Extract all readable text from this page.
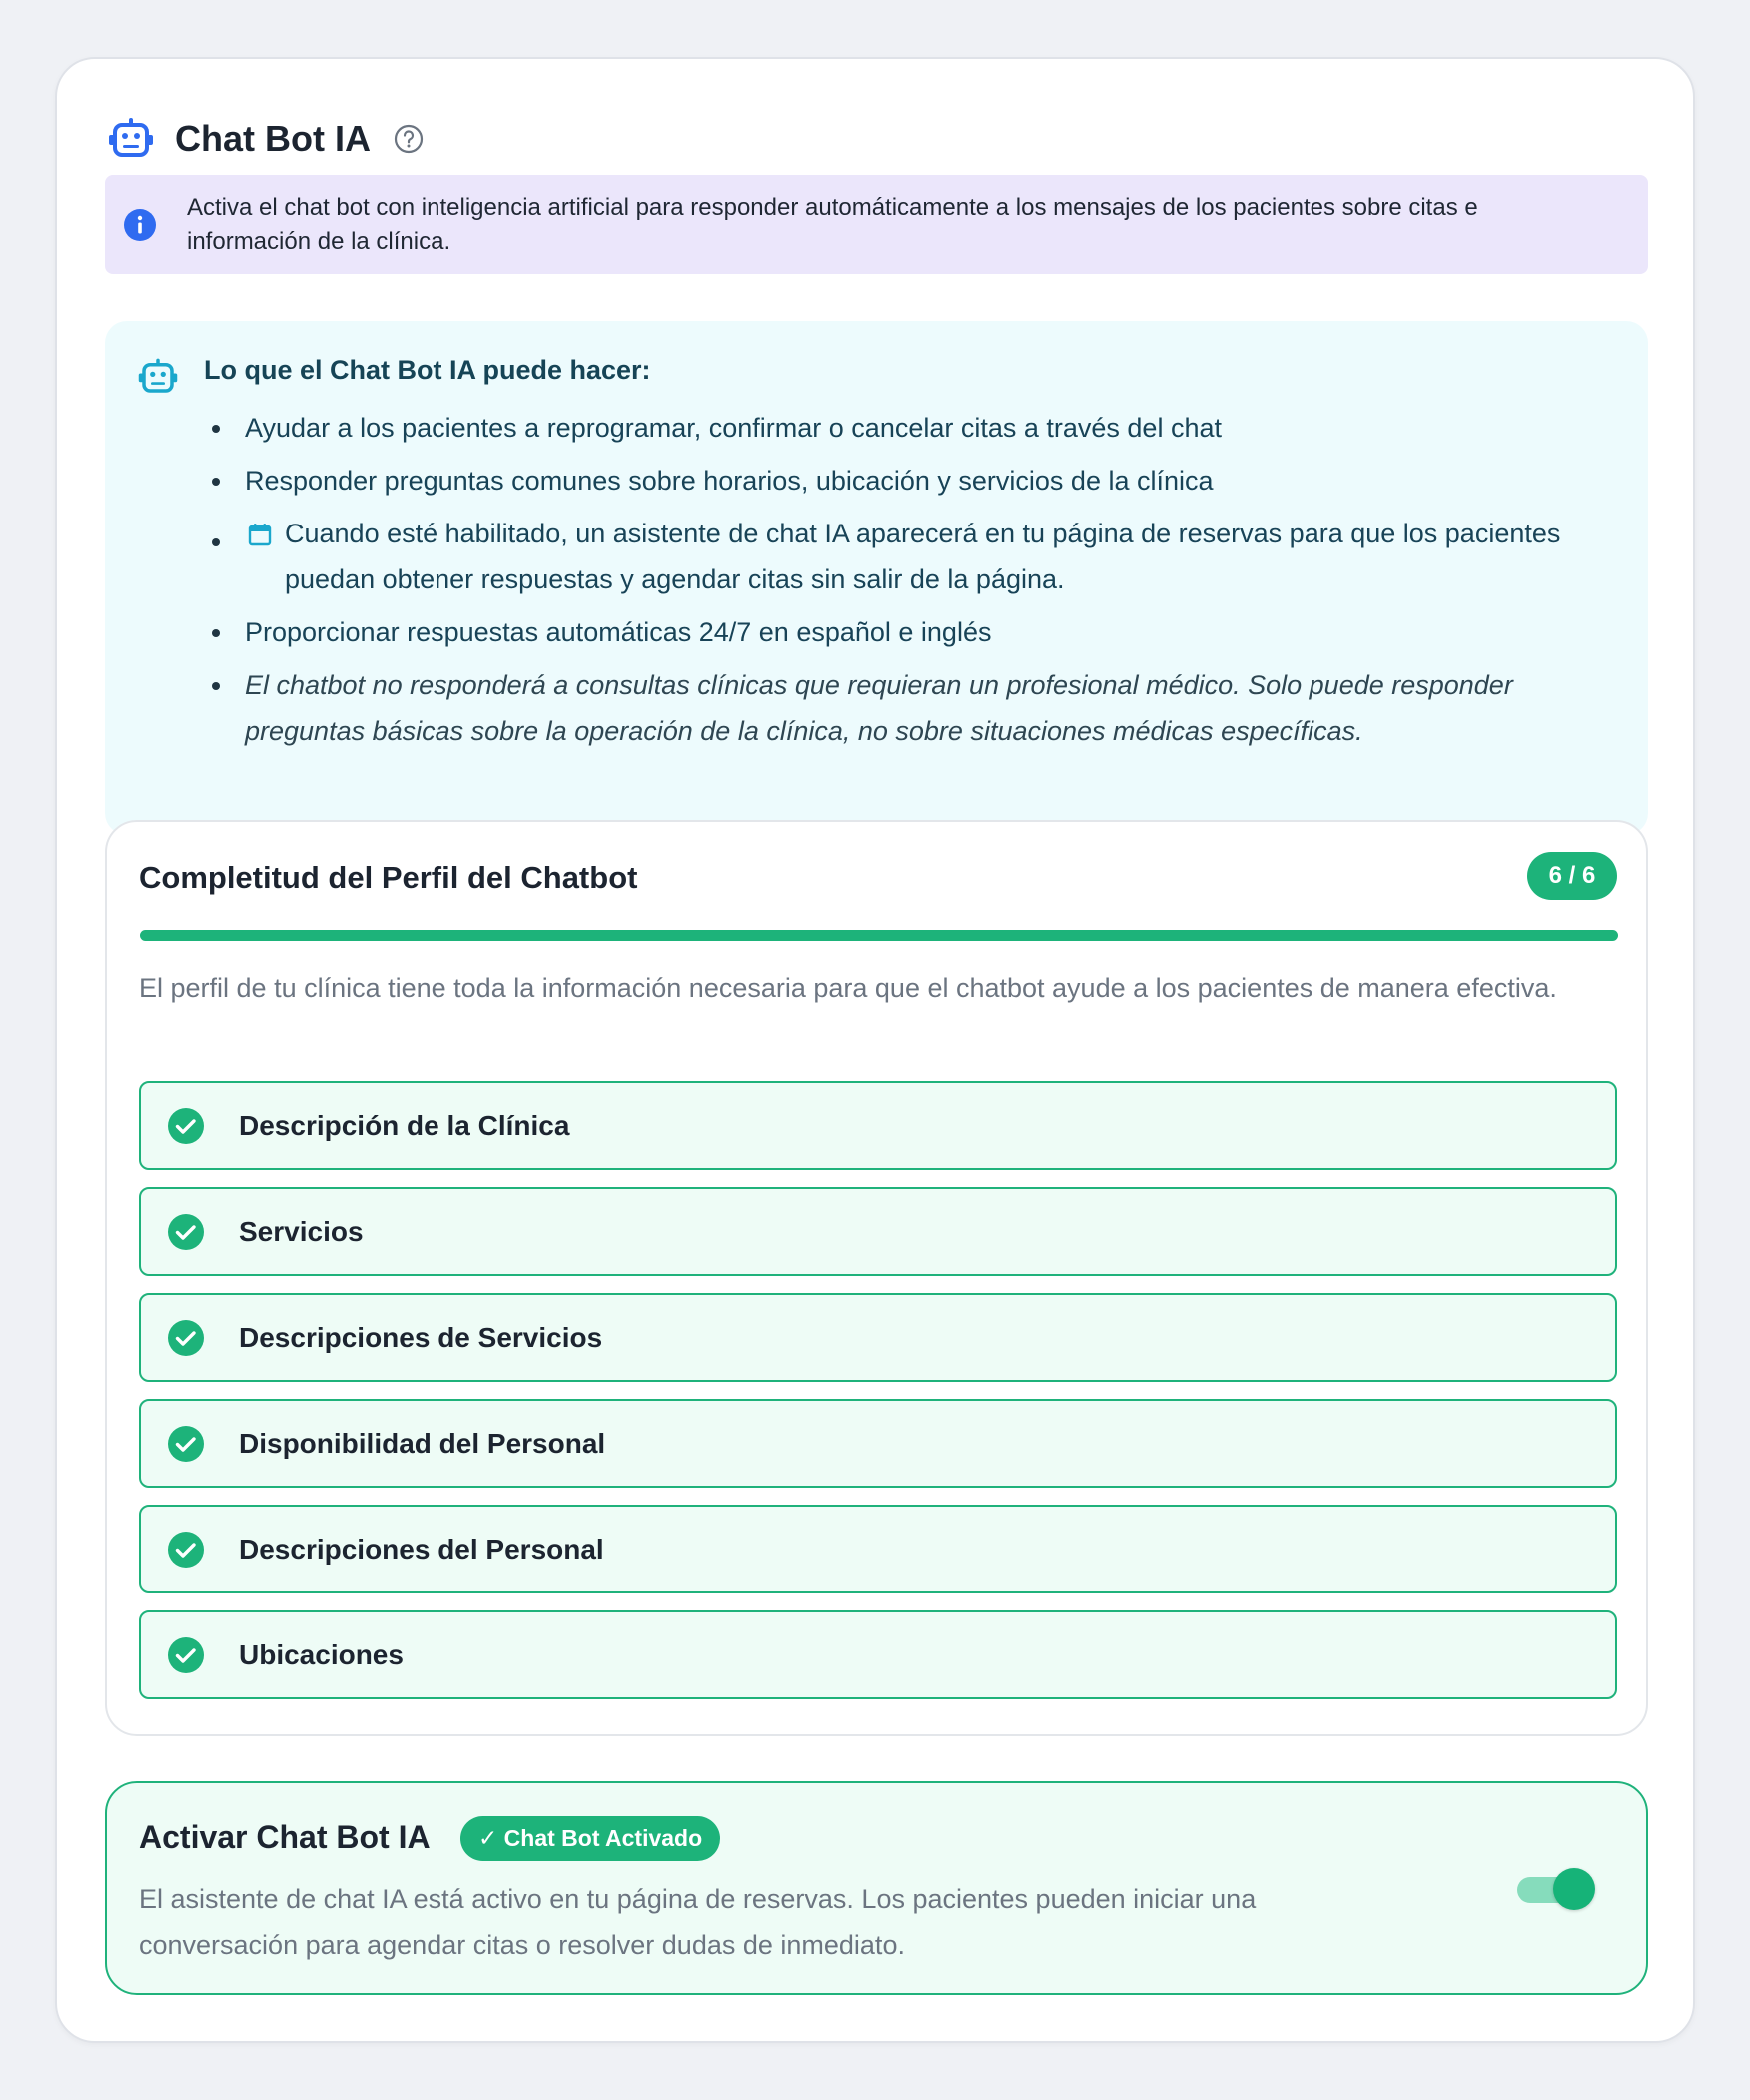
Chat Bot IA

Activa el chat bot con inteligencia artificial para responder automáticamente a los mensajes de los pacientes sobre citas e información de la clínica.

Lo que el Chat Bot IA puede hacer:
Ayudar a los pacientes a reprogramar, confirmar o cancelar citas a través del chat
Responder preguntas comunes sobre horarios, ubicación y servicios de la clínica
Cuando esté habilitado, un asistente de chat IA aparecerá en tu página de reservas para que los pacientes puedan obtener respuestas y agendar citas sin salir de la página.
Proporcionar respuestas automáticas 24/7 en español e inglés
El chatbot no responderá a consultas clínicas que requieran un profesional médico. Solo puede responder preguntas básicas sobre la operación de la clínica, no sobre situaciones médicas específicas.
Completitud del Perfil del Chatbot	6 / 6

El perfil de tu clínica tiene toda la información necesaria para que el chatbot ayude a los pacientes de manera efectiva.

Descripción de la Clínica
Servicios
Descripciones de Servicios
Disponibilidad del Personal
Descripciones del Personal
Ubicaciones
Activar Chat Bot IA	✓ Chat Bot Activado

El asistente de chat IA está activo en tu página de reservas. Los pacientes pueden iniciar una conversación para agendar citas o resolver dudas de inmediato.
